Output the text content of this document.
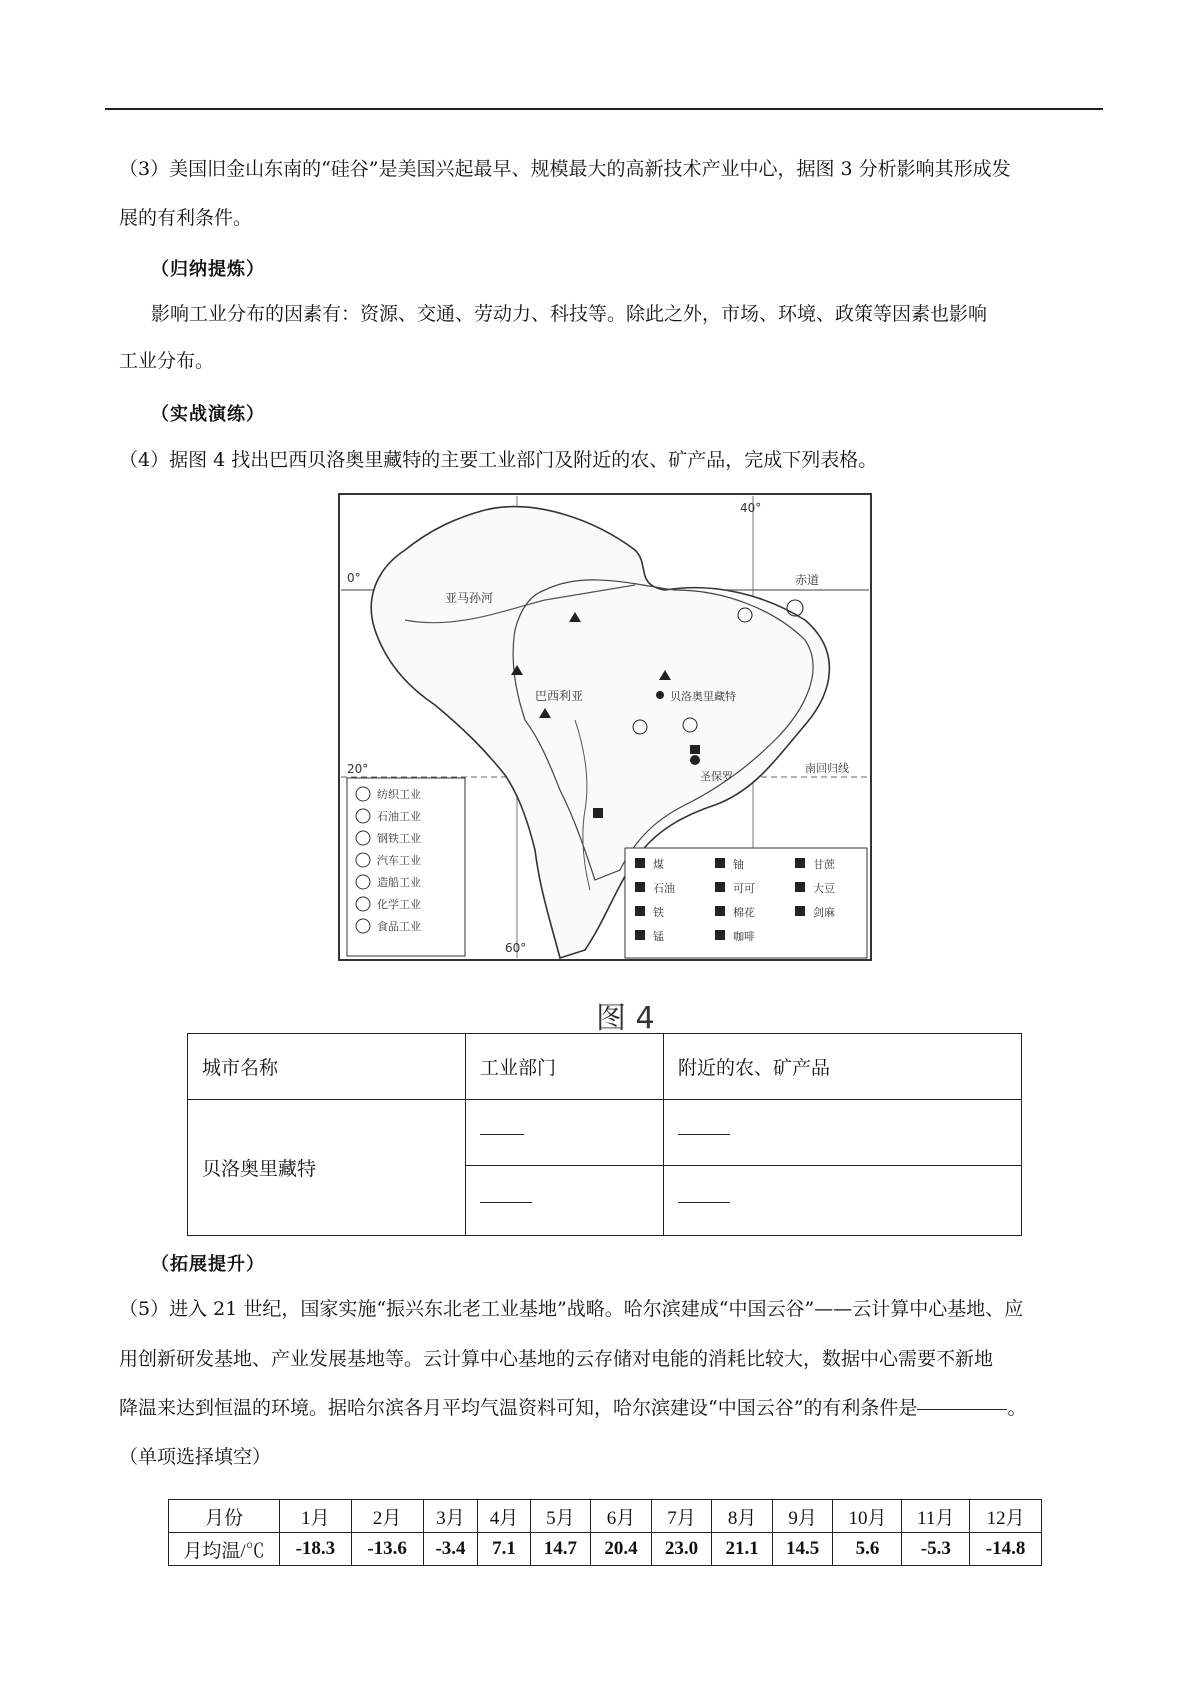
（3）美国旧金山东南的“硅谷”是美国兴起最早、规模最大的高新技术产业中心，据图 3 分析影响其形成发
展的有利条件。
（归纳提炼）
影响工业分布的因素有：资源、交通、劳动力、科技等。除此之外，市场、环境、政策等因素也影响
工业分布。
（实战演练）
（4）据图 4 找出巴西贝洛奥里藏特的主要工业部门及附近的农、矿产品，完成下列表格。
0°
20°
40°
60°
赤道
南回归线
亚马孙河
巴西利亚	贝洛奥里藏特
圣保罗
纺织工业
石油工业
钢铁工业
汽车工业
造船工业
化学工业
食品工业
煤
石油
铁
锰
铀
可可
棉花
咖啡
甘蔗
大豆
剑麻
图 4
城市名称	工业部门	附近的农、矿产品
贝洛奥里藏特		

（拓展提升）
（5）进入 21 世纪，国家实施“振兴东北老工业基地”战略。哈尔滨建成“中国云谷”——云计算中心基地、应
用创新研发基地、产业发展基地等。云计算中心基地的云存储对电能的消耗比较大，数据中心需要不新地
降温来达到恒温的环境。据哈尔滨各月平均气温资料可知，哈尔滨建设“中国云谷”的有利条件是	。
（单项选择填空）
月份	1月	2月	3月	4月	5月	6月	7月	8月	9月	10月	11月	12月
月均温/℃	-18.3	-13.6	-3.4	7.1	14.7	20.4	23.0	21.1	14.5	5.6	-5.3	-14.8
